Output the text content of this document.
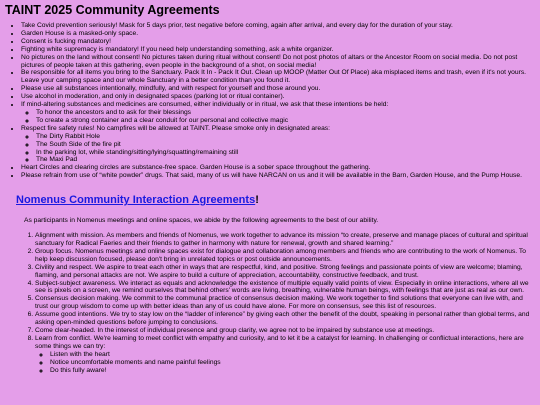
TAINT 2025 Community Agreements
• Take Covid prevention seriously! Mask for 5 days prior, test negative before coming, again after arrival, and every day for the duration of your stay.
• Garden House is a masked-only space.
• Consent is fucking mandatory!
• Fighting white supremacy is mandatory! If you need help understanding something, ask a white organizer.
• No pictures on the land without consent! No pictures taken during ritual without consent! Do not post photos of altars or the Ancestor Room on social media. Do not post pictures of people taken at this gathering, even people in the background of a shot, on social media!
• Be responsible for all items you bring to the Sanctuary. Pack It In - Pack It Out. Clean up MOOP (Matter Out Of Place) aka misplaced items and trash, even if it's not yours. Leave your camping space and our whole Sanctuary in a better condition than you found it.
• Please use all substances intentionally, mindfully, and with respect for yourself and those around you.
• Use alcohol in moderation, and only in designated spaces (parking lot or ritual container).
• If mind-altering substances and medicines are consumed, either individually or in ritual, we ask that these intentions be held:
◦ To honor the ancestors and to ask for their blessings
◦ To create a strong container and a clear conduit for our personal and collective magic
• Respect fire safety rules! No campfires will be allowed at TAINT. Please smoke only in designated areas:
◦ The Dirty Rabbit Hole
◦ The South Side of the fire pit
◦ In the parking lot, while standing/sitting/lying/squatting/remaining still
◦ The Maxi Pad
• Heart Circles and clearing circles are substance-free space. Garden House is a sober space throughout the gathering.
• Please refrain from use of “white powder” drugs. That said, many of us will have NARCAN on us and it will be available in the Barn, Garden House, and the Pump House.
Nomenus Community Interaction Agreements!

As participants in Nomenus meetings and online spaces, we abide by the following agreements to the best of our ability.

1. Alignment with mission. As members and friends of Nomenus, we work together to advance its mission “to create, preserve and manage places of cultural and spiritual sanctuary for Radical Faeries and their friends to gather in harmony with nature for renewal, growth and shared learning.”
2. Group focus. Nomenus meetings and online spaces exist for dialogue and collaboration among members and friends who are contributing to the work of Nomenus. To help keep discussion focused, please don't bring in unrelated topics or post outside announcements.
3. Civility and respect. We aspire to treat each other in ways that are respectful, kind, and positive. Strong feelings and passionate points of view are welcome; blaming, flaming, and personal attacks are not. We aspire to build a culture of appreciation, accountability, constructive feedback, and trust.
4. Subject-subject awareness. We interact as equals and acknowledge the existence of multiple equally valid points of view. Especially in online interactions, where all we see is pixels on a screen, we remind ourselves that behind others' words are living, breathing, vulnerable human beings, with feelings that are just as real as our own.
5. Consensus decision making. We commit to the communal practice of consensus decision making. We work together to find solutions that everyone can live with, and trust our group wisdom to come up with better ideas than any of us could have alone. For more on consensus, see this list of resources.
6. Assume good intentions. We try to stay low on the “ladder of inference” by giving each other the benefit of the doubt, speaking in personal rather than global terms, and asking open-minded questions before jumping to conclusions.
7. Come clear-headed. In the interest of individual presence and group clarity, we agree not to be impaired by substance use at meetings.
8. Learn from conflict. We're learning to meet conflict with empathy and curiosity, and to let it be a catalyst for learning. In challenging or conflictual interactions, here are some things we can try:
◦ Listen with the heart
◦ Notice uncomfortable moments and name painful feelings
◦ Do this fully aware!
